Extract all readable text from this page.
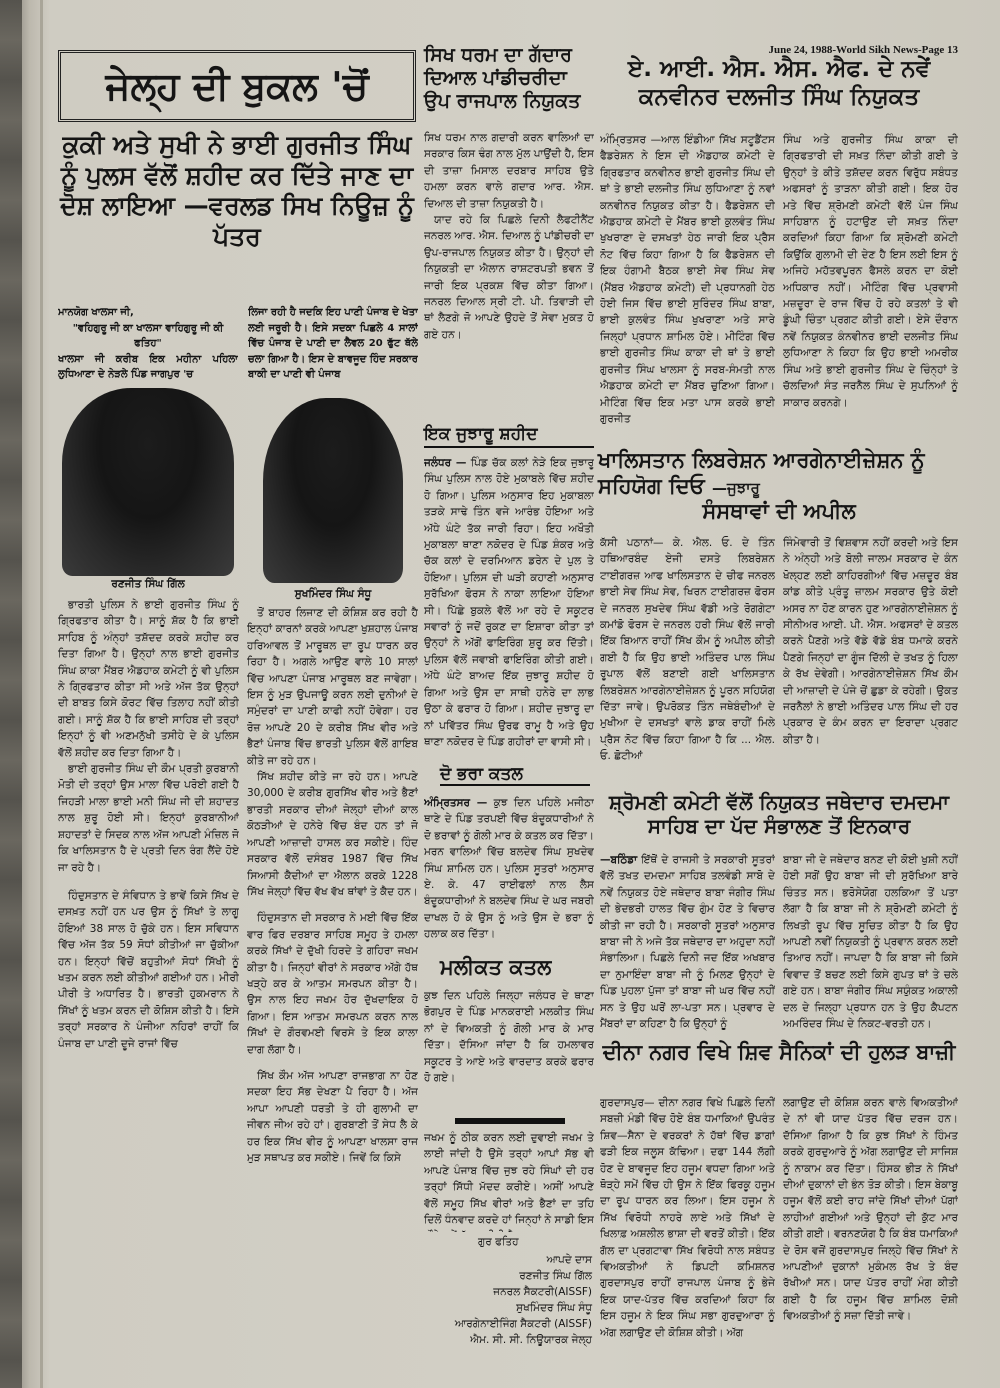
June 24, 1988-World Sikh News-Page 13
ਜੇਲ੍ਹ ਦੀ ਬੁਕਲ 'ਚੋਂ
ਕੁਕੀ ਅਤੇ ਸੁਖੀ ਨੇ ਭਾਈ ਗੁਰਜੀਤ ਸਿੰਘ ਨੂੰ ਪੁਲਸ ਵੱਲੋਂ ਸ਼ਹੀਦ ਕਰ ਦਿੱਤੇ ਜਾਣ ਦਾ ਦੋਸ਼ ਲਾਇਆ —ਵਰਲਡ ਸਿਖ ਨਿਊਜ਼ ਨੂੰ ਪੱਤਰ
ਮਾਨਯੋਗ ਖਾਲਸਾ ਜੀ,
"ਵਹਿਗੁਰੂ ਜੀ ਕਾ ਖਾਲਸਾ ਵਾਹਿਗੁਰੂ ਜੀ ਕੀ ਫਤਿਹ"
ਖਾਲਸਾ ਜੀ ਕਰੀਬ ਇਕ ਮਹੀਨਾ ਪਹਿਲਾ ਲੁਧਿਆਣਾ ਦੇ ਨੇੜਲੇ ਪਿੰਡ ਜਾਗਪੁਰ 'ਚ
ਲਿਜਾ ਰਹੀ ਹੈ ਜਦਕਿ ਇਹ ਪਾਣੀ ਪੰਜਾਬ ਦੇ ਖੇਤਾ ਲਈ ਜਰੂਰੀ ਹੈ। ਇਸੇ ਸਦਕਾ ਪਿਛਲੇ 4 ਸਾਲਾਂ ਵਿੱਚ ਪੰਜਾਬ ਦੇ ਪਾਣੀ ਦਾ ਲੈਵਲ 20 ਫੁੱਟ ਥੱਲੇ ਚਲਾ ਗਿਆ ਹੈ। ਇਸ ਦੇ ਬਾਵਜੂਦ ਹਿੰਦ ਸਰਕਾਰ ਬਾਕੀ ਦਾ ਪਾਣੀ ਵੀ ਪੰਜਾਬ
ਰਣਜੀਤ ਸਿੰਘ ਗਿੱਲ
ਸੁਖਮਿੰਦਰ ਸਿੰਘ ਸੰਧੂ

ਭਾਰਤੀ ਪੁਲਿਸ ਨੇ ਭਾਈ ਗੁਰਜੀਤ ਸਿੰਘ ਨੂੰ ਗ੍ਰਿਫਤਾਰ ਕੀਤਾ ਹੈ। ਸਾਨੂੰ ਸ਼ੱਕ ਹੈ ਕਿ ਭਾਈ ਸਾਹਿਬ ਨੂੰ ਅੰਨ੍ਹਾਂ ਤਸ਼ੱਦਦ ਕਰਕੇ ਸ਼ਹੀਦ ਕਰ ਦਿਤਾ ਗਿਆ ਹੈ। ਉਨ੍ਹਾਂ ਨਾਲ ਭਾਈ ਗੁਰਜੀਤ ਸਿੰਘ ਕਾਕਾ ਮੈਂਬਰ ਐਡਹਾਕ ਕਮੇਟੀ ਨੂੰ ਵੀ ਪੁਲਿਸ ਨੇ ਗ੍ਰਿਫਤਾਰ ਕੀਤਾ ਸੀ ਅਤੇ ਅੱਜ ਤੱਕ ਉਨ੍ਹਾਂ ਦੀ ਬਾਬਤ ਕਿਸੇ ਕੋਰਟ ਵਿੱਚ ਤਿਲਾਹ ਨਹੀਂ ਕੀਤੀ ਗਈ। ਸਾਨੂੰ ਸ਼ੱਕ ਹੈ ਕਿ ਭਾਈ ਸਾਹਿਬ ਦੀ ਤਰ੍ਹਾਂ ਇਨ੍ਹਾਂ ਨੂੰ ਵੀ ਅਣਮਨੁੱਖੀ ਤਸੀਹੇ ਦੇ ਕੇ ਪੁਲਿਸ ਵੱਲੋਂ ਸ਼ਹੀਦ ਕਰ ਦਿਤਾ ਗਿਆ ਹੈ।

ਭਾਈ ਗੁਰਜੀਤ ਸਿੰਘ ਦੀ ਕੌਮ ਪ੍ਰਤੀ ਕੁਰਬਾਨੀ ਮੋਤੀ ਦੀ ਤਰ੍ਹਾਂ ਉਸ ਮਾਲਾ ਵਿੱਚ ਪਰੋਈ ਗਈ ਹੈ ਜਿਹੜੀ ਮਾਲਾ ਭਾਈ ਮਨੀ ਸਿੰਘ ਜੀ ਦੀ ਸ਼ਹਾਦਤ ਨਾਲ ਸ਼ੁਰੂ ਹੋਈ ਸੀ। ਇਨ੍ਹਾਂ ਕੁਰਬਾਨੀਆਂ ਸ਼ਹਾਦਤਾਂ ਦੇ ਸਿਦਕ ਨਾਲ ਅੱਜ ਆਪਣੀ ਮੰਜ਼ਿਲ ਜੋ ਕਿ ਖਾਲਿਸਤਾਨ ਹੈ ਦੇ ਪ੍ਰਤੀ ਦਿਨ ਰੰਗ ਲੈਂਦੇ ਹੋਏ ਜਾ ਰਹੇ ਹੈ।

ਹਿੰਦੁਸਤਾਨ ਦੇ ਸੰਵਿਧਾਨ ਤੇ ਭਾਵੇਂ ਕਿਸੇ ਸਿੱਖ ਦੇ ਦਸਖ਼ਤ ਨਹੀਂ ਹਨ ਪਰ ਉਸ ਨੂੰ ਸਿੱਖਾਂ ਤੇ ਲਾਗੂ ਹੋਇਆਂ 38 ਸਾਲ ਹੋ ਚੁੱਕੇ ਹਨ। ਇਸ ਸਵਿਧਾਨ ਵਿੱਚ ਅੱਜ ਤੱਕ 59 ਸੋਧਾਂ ਕੀਤੀਆਂ ਜਾ ਚੁੱਕੀਆ ਹਨ। ਇਨ੍ਹਾਂ ਵਿੱਚੋਂ ਬਹੁਤੀਆਂ ਸੋਧਾਂ ਸਿੱਖੀ ਨੂੰ ਖਤਮ ਕਰਨ ਲਈ ਕੀਤੀਆਂ ਗਈਆਂ ਹਨ। ਮੀਰੀ ਪੀਰੀ ਤੇ ਅਧਾਰਿਤ ਹੈ। ਭਾਰਤੀ ਹੁਕਮਰਾਨ ਨੇ ਸਿੱਖਾਂ ਨੂੰ ਖਤਮ ਕਰਨ ਦੀ ਕੋਸ਼ਿਸ ਕੀਤੀ ਹੈ। ਇਸੇ ਤਰ੍ਹਾਂ ਸਰਕਾਰ ਨੇ ਪੰਜੀਆ ਨਹਿਰਾਂ ਰਾਹੀਂ ਕਿ ਪੰਜਾਬ ਦਾ ਪਾਣੀ ਦੂਜੇ ਰਾਜਾਂ ਵਿੱਚ

ਤੋਂ ਬਾਹਰ ਲਿਜਾਣ ਦੀ ਕੋਸ਼ਿਸ਼ ਕਰ ਰਹੀ ਹੈ ਇਨ੍ਹਾਂ ਕਾਰਨਾਂ ਕਰਕੇ ਆਪਣਾ ਖੁਸ਼ਹਾਲ ਪੰਜਾਬ ਹਰਿਆਵਲ ਤੋਂ ਮਾਰੂਥਲ ਦਾ ਰੂਪ ਧਾਰਨ ਕਰ ਰਿਹਾ ਹੈ। ਅਗਲੇ ਆਉਣ ਵਾਲੇ 10 ਸਾਲਾਂ ਵਿੱਚ ਆਪਣਾ ਪੰਜਾਬ ਮਾਰੂਥਲ ਬਣ ਜਾਵੇਗਾ। ਇਸ ਨੂੰ ਮੁੜ ਉਪਜਾਊ ਕਰਨ ਲਈ ਦੁਨੀਆਂ ਦੇ ਸਮੁੰਦਰਾਂ ਦਾ ਪਾਣੀ ਕਾਫੀ ਨਹੀਂ ਹੋਵੇਗਾ। ਹਰ ਰੋਜ਼ ਆਪਣੇ 20 ਦੇ ਕਰੀਬ ਸਿੱਖ ਵੀਰ ਅਤੇ ਭੈਣਾਂ ਪੰਜਾਬ ਵਿੱਚ ਭਾਰਤੀ ਪੁਲਿਸ ਵੱਲੋਂ ਗਾਇਬ ਕੀਤੇ ਜਾ ਰਹੇ ਹਨ।

ਸਿੱਖ ਸ਼ਹੀਦ ਕੀਤੇ ਜਾ ਰਹੇ ਹਨ। ਆਪਣੇ 30,000 ਦੇ ਕਰੀਬ ਗੁਰਸਿੱਖ ਵੀਰ ਅਤੇ ਭੈਣਾਂ ਭਾਰਤੀ ਸਰਕਾਰ ਦੀਆਂ ਜੇਲ੍ਹਾਂ ਦੀਆਂ ਕਾਲ ਕੋਠੜੀਆਂ ਦੇ ਹਨੇਰੇ ਵਿੱਚ ਬੰਦ ਹਨ ਤਾਂ ਜੋ ਆਪਣੀ ਆਜ਼ਾਦੀ ਹਾਸਲ ਕਰ ਸਕੀਏ। ਹਿੰਦ ਸਰਕਾਰ ਵੱਲੋਂ ਦਸੰਬਰ 1987 ਵਿੱਚ ਸਿੱਖ ਸਿਆਸੀ ਕੈਦੀਆਂ ਦਾ ਐਲਾਨ ਕਰਕੇ 1228 ਸਿੱਖ ਜੇਲ੍ਹਾਂ ਵਿੱਚ ਵੱਖ ਵੱਖ ਥਾਂਵਾਂ ਤੇ ਕੈਦ ਹਨ।

ਹਿੰਦੁਸਤਾਨ ਦੀ ਸਰਕਾਰ ਨੇ ਮਈ ਵਿੱਚ ਇੱਕ ਵਾਰ ਫਿਰ ਦਰਬਾਰ ਸਾਹਿਬ ਸਮੂਹ ਤੇ ਹਮਲਾ ਕਰਕੇ ਸਿੱਖਾਂ ਦੇ ਦੁੱਖੀ ਹਿਰਦੇ ਤੇ ਗਹਿਰਾ ਜਖਮ ਕੀਤਾ ਹੈ। ਜਿਨ੍ਹਾਂ ਵੀਰਾਂ ਨੇ ਸਰਕਾਰ ਅੱਗੇ ਹੱਥ ਖੜ੍ਹੇ ਕਰ ਕੇ ਆਤਮ ਸਮਰਪਨ ਕੀਤਾ ਹੈ। ਉਸ ਨਾਲ ਇਹ ਜਖਮ ਹੋਰ ਦੁੱਖਦਾਇਕ ਹੋ ਗਿਆ। ਇਸ ਆਤਮ ਸਮਰਪਨ ਕਰਨ ਨਾਲ ਸਿੱਖਾਂ ਦੇ ਗੌਰਵਮਈ ਵਿਰਸੇ ਤੇ ਇਕ ਕਾਲਾ ਦਾਗ ਲੱਗਾ ਹੈ।

ਸਿੱਖ ਕੌਮ ਅੱਜ ਆਪਣਾ ਰਾਜਭਾਗ ਨਾ ਹੋਣ ਸਦਕਾ ਇਹ ਸੱਭ ਦੇਖਣਾ ਪੈ ਰਿਹਾ ਹੈ। ਅੱਜ ਆਪਾ ਆਪਣੀ ਧਰਤੀ ਤੇ ਹੀ ਗੁਲਾਮੀ ਦਾ ਜੀਵਨ ਜੀਅ ਰਹੇ ਹਾਂ। ਗੁਰਬਾਣੀ ਤੋਂ ਸੇਧ ਲੈ ਕੇ ਹਰ ਇਕ ਸਿੱਖ ਵੀਰ ਨੂੰ ਆਪਣਾ ਖਾਲਸਾ ਰਾਜ ਮੁੜ ਸਥਾਪਤ ਕਰ ਸਕੀਏ। ਜਿਵੇਂ ਕਿ ਕਿਸੇ

ਸਿਖ ਧਰਮ ਦਾ ਗੱਦਾਰ ਦਿਆਲ ਪਾਂਡੀਚਰੀਦਾ ਉਪ ਰਾਜਪਾਲ ਨਿਯੁਕਤ

ਸਿਖ ਧਰਮ ਨਾਲ ਗਦਾਰੀ ਕਰਨ ਵਾਲਿਆਂ ਦਾ ਸਰਕਾਰ ਕਿਸ ਢੰਗ ਨਾਲ ਮੁੱਲ ਪਾਉਂਦੀ ਹੈ, ਇਸ ਦੀ ਤਾਜ਼ਾ ਮਿਸਾਲ ਦਰਬਾਰ ਸਾਹਿਬ ਉਤੇ ਹਮਲਾ ਕਰਨ ਵਾਲੇ ਗਦਾਰ ਆਰ. ਐਸ. ਦਿਆਲ ਦੀ ਤਾਜ਼ਾ ਨਿਯੁਕਤੀ ਹੈ।

ਯਾਦ ਰਹੇ ਕਿ ਪਿਛਲੇ ਦਿਨੀ ਲੈਫਟੀਨੈਂਟ ਜਨਰਲ ਆਰ. ਐਸ. ਦਿਆਲ ਨੂੰ ਪਾਂਡੀਚਰੀ ਦਾ ਉਪ-ਰਾਜਪਾਲ ਨਿਯੁਕਤ ਕੀਤਾ ਹੈ। ਉਨ੍ਹਾਂ ਦੀ ਨਿਯੁਕਤੀ ਦਾ ਐਲਾਨ ਰਾਸ਼ਟਰਪਤੀ ਭਵਨ ਤੋਂ ਜਾਰੀ ਇਕ ਪ੍ਰਕਸ਼ ਵਿੱਚ ਕੀਤਾ ਗਿਆ। ਜਨਰਲ ਦਿਆਲ ਸ੍ਰੀ ਟੀ. ਪੀ. ਤਿਵਾੜੀ ਦੀ ਥਾਂ ਲੈਣਗੇ ਜੋ ਆਪਣੇ ਉਹਦੇ ਤੋਂ ਸੇਵਾ ਮੁਕਤ ਹੋ ਗਏ ਹਨ।

ਇਕ ਜੁਝਾਰੂ ਸ਼ਹੀਦ
ਜਲੰਧਰ — ਪਿੰਡ ਚੱਕ ਕਲਾਂ ਨੇੜੇ ਇਕ ਜੁਝਾਰੂ ਸਿੰਘ ਪੁਲਿਸ ਨਾਲ ਹੋਏ ਮੁਕਾਬਲੇ ਵਿੱਚ ਸ਼ਹੀਦ ਹੋ ਗਿਆ। ਪੁਲਿਸ ਅਨੁਸਾਰ ਇਹ ਮੁਕਾਬਲਾ ਤੜਕੇ ਸਾਢੇ ਤਿੰਨ ਵਜੇ ਆਰੰਭ ਹੋਇਆ ਅਤੇ ਅੱਧੇ ਘੰਟੇ ਤੱਕ ਜਾਰੀ ਰਿਹਾ। ਇਹ ਅਖੌਤੀ ਮੁਕਾਬਲਾ ਥਾਣਾ ਨਕੋਦਰ ਦੇ ਪਿੰਡ ਸ਼ੰਕਰ ਅਤੇ ਚੱਕ ਕਲਾਂ ਦੇ ਦਰਮਿਆਨ ਡਰੇਨ ਦੇ ਪੁਲ ਤੇ ਹੋਇਆ। ਪੁਲਿਸ ਦੀ ਘੜੀ ਕਹਾਣੀ ਅਨੁਸਾਰ ਸੁਰੱਖਿਆ ਫੋਰਸ ਨੇ ਨਾਕਾ ਲਾਇਆ ਹੋਇਆ ਸੀ। ਪਿੱਛੇ ਬੁਕਲੇ ਵੱਲੋਂ ਆ ਰਹੇ ਦੋ ਸਕੂਟਰ ਸਵਾਰਾਂ ਨੂੰ ਜਦੋਂ ਰੁਕਣ ਦਾ ਇਸ਼ਾਰਾ ਕੀਤਾ ਤਾਂ ਉਨ੍ਹਾਂ ਨੇ ਅੱਗੋਂ ਫਾਇਰਿੰਗ ਸ਼ੁਰੂ ਕਰ ਦਿੱਤੀ। ਪੁਲਿਸ ਵੱਲੋਂ ਜਵਾਬੀ ਫਾਇਰਿੰਗ ਕੀਤੀ ਗਈ। ਅੱਧੇ ਘੰਟੇ ਬਾਅਦ ਇੱਕ ਜੁਝਾਰੂ ਸ਼ਹੀਦ ਹੋ ਗਿਆ ਅਤੇ ਉਸ ਦਾ ਸਾਥੀ ਹਨੇਰੇ ਦਾ ਲਾਭ ਉਠਾ ਕੇ ਫਰਾਰ ਹੋ ਗਿਆ। ਸ਼ਹੀਦ ਜੁਝਾਰੂ ਦਾ ਨਾਂ ਪਵਿੱਤਰ ਸਿੰਘ ਉਰਫ ਰਾਮੂ ਹੈ ਅਤੇ ਉਹ ਥਾਣਾ ਨਕੋਦਰ ਦੇ ਪਿੰਡ ਗਹੀਰਾਂ ਦਾ ਵਾਸੀ ਸੀ।
ਦੋ ਭਰਾ ਕਤਲ
ਅੰਮ੍ਰਿਤਸਰ — ਕੁਝ ਦਿਨ ਪਹਿਲੇ ਮਜੀਠਾ ਥਾਣੇ ਦੇ ਪਿੰਡ ਤਰਪਈ ਵਿੱਚ ਬੰਦੂਕਧਾਰੀਆਂ ਨੇ ਦੋ ਭਰਾਵਾਂ ਨੂੰ ਗੋਲੀ ਮਾਰ ਕੇ ਕਤਲ ਕਰ ਦਿੱਤਾ। ਮਰਨ ਵਾਲਿਆਂ ਵਿੱਚ ਬਲਦੇਵ ਸਿੰਘ ਸੁਖਦੇਵ ਸਿੰਘ ਸ਼ਾਮਿਲ ਹਨ। ਪੁਲਿਸ ਸੂਤਰਾਂ ਅਨੁਸਾਰ ਏ. ਕੇ. 47 ਰਾਈਫਲਾਂ ਨਾਲ ਲੈਸ ਬੰਦੂਕਧਾਰੀਆਂ ਨੇ ਬਲਦੇਵ ਸਿੰਘ ਦੇ ਘਰ ਜਬਰੀ ਦਾਖਲ ਹੋ ਕੇ ਉਸ ਨੂੰ ਅਤੇ ਉਸ ਦੇ ਭਰਾ ਨੂੰ ਹਲਾਕ ਕਰ ਦਿੱਤਾ।
ਮਲੀਕਤ ਕਤਲ
ਕੁਝ ਦਿਨ ਪਹਿਲੇ ਜਿਲ੍ਹਾ ਜਲੰਧਰ ਦੇ ਥਾਣਾ ਭੋਗਪੁਰ ਦੇ ਪਿੰਡ ਮਾਨਕਰਾਈ ਮਲਕੀਤ ਸਿੰਘ ਨਾਂ ਦੇ ਵਿਅਕਤੀ ਨੂੰ ਗੋਲੀ ਮਾਰ ਕੇ ਮਾਰ ਦਿੱਤਾ। ਦੱਸਿਆ ਜਾਂਦਾ ਹੈ ਕਿ ਹਮਲਾਵਰ ਸਕੂਟਰ ਤੇ ਆਏ ਅਤੇ ਵਾਰਦਾਤ ਕਰਕੇ ਫਰਾਰ ਹੋ ਗਏ।
ਜਖਮ ਨੂੰ ਠੀਕ ਕਰਨ ਲਈ ਦੁਵਾਈ ਜਖਮ ਤੇ ਲਾਈ ਜਾਂਦੀ ਹੈ ਉਸੇ ਤਰ੍ਹਾਂ ਆਪਾਂ ਸੱਭ ਵੀ ਆਪਣੇ ਪੰਜਾਬ ਵਿੱਚ ਜੁਝ ਰਹੇ ਸਿੰਘਾਂ ਦੀ ਹਰ ਤਰ੍ਹਾਂ ਸਿੱਧੀ ਮੱਦਦ ਕਰੀਏ। ਅਸੀਂ ਆਪਣੇ ਵੱਲੋਂ ਸਮੂਹ ਸਿੱਖ ਵੀਰਾਂ ਅਤੇ ਭੈਣਾਂ ਦਾ ਤਹਿ ਦਿਲੋਂ ਧੰਨਵਾਦ ਕਰਦੇ ਹਾਂ ਜਿਨ੍ਹਾਂ ਨੇ ਸਾਡੀ ਇਸ
ਗੁਰ ਫਤਿਹ
ਆਪਦੇ ਦਾਸ
ਰਣਜੀਤ ਸਿੰਘ ਗਿੱਲ
ਜਨਰਲ ਸੈਕਟਰੀ(AISSF)
ਸੁਖਮਿੰਦਰ ਸਿੰਘ ਸੰਧੂ
ਆਰਗੇਨਾਈਜਿੰਗ ਸੈਕਟਰੀ (AISSF)
ਐਮ. ਸੀ. ਸੀ. ਨਿਊਯਾਰਕ ਜੇਲ੍ਹ
ਏ. ਆਈ. ਐਸ. ਐਸ. ਐਫ. ਦੇ ਨਵੇਂ ਕਨਵੀਨਰ ਦਲਜੀਤ ਸਿੰਘ ਨਿਯੁਕਤ
ਅੰਮ੍ਰਿਤਸਰ —ਆਲ ਇੰਡੀਆ ਸਿੱਖ ਸਟੂਡੈਂਟਸ ਫੈਡਰੇਸ਼ਨ ਨੇ ਇਸ ਦੀ ਐਡਹਾਕ ਕਮੇਟੀ ਦੇ ਗ੍ਰਿਫਤਾਰ ਕਨਵੀਨਰ ਭਾਈ ਗੁਰਜੀਤ ਸਿੰਘ ਦੀ ਥਾਂ ਤੇ ਭਾਈ ਦਲਜੀਤ ਸਿੰਘ ਲੁਧਿਆਣਾ ਨੂੰ ਨਵਾਂ ਕਨਵੀਨਰ ਨਿਯੁਕਤ ਕੀਤਾ ਹੈ। ਫੈਡਰੇਸ਼ਨ ਦੀ ਐਡਹਾਕ ਕਮੇਟੀ ਦੇ ਮੈਂਬਰ ਭਾਈ ਕੁਲਵੰਤ ਸਿੰਘ ਖੁਖਰਾਣਾ ਦੇ ਦਸਖਤਾਂ ਹੇਠ ਜਾਰੀ ਇਕ ਪ੍ਰੈਸ ਨੋਟ ਵਿੱਚ ਕਿਹਾ ਗਿਆ ਹੈ ਕਿ ਫੈਡਰੇਸ਼ਨ ਦੀ ਇਕ ਹੰਗਾਮੀ ਬੈਠਕ ਭਾਈ ਸੇਵ ਸਿੰਘ ਸੇਵ (ਮੈਂਬਰ ਐਡਹਾਕ ਕਮੇਟੀ) ਦੀ ਪ੍ਰਧਾਨਗੀ ਹੇਠ ਹੋਈ ਜਿਸ ਵਿੱਚ ਭਾਈ ਸੁਰਿੰਦਰ ਸਿੰਘ ਬਾਬਾ, ਭਾਈ ਕੁਲਵੰਤ ਸਿੰਘ ਖੁਖਰਾਣਾ ਅਤੇ ਸਾਰੇ ਜਿਲ੍ਹਾਂ ਪ੍ਰਧਾਨ ਸ਼ਾਮਿਲ ਹੋਏ। ਮੀਟਿੰਗ ਵਿੱਚ ਭਾਈ ਗੁਰਜੀਤ ਸਿੰਘ ਕਾਕਾ ਦੀ ਥਾਂ ਤੇ ਭਾਈ ਗੁਰਜੀਤ ਸਿੰਘ ਖਾਲਸਾ ਨੂੰ ਸਰਬ-ਸੰਮਤੀ ਨਾਲ ਐਡਹਾਕ ਕਮੇਟੀ ਦਾ ਮੈਂਬਰ ਚੁਣਿਆ ਗਿਆ। ਮੀਟਿੰਗ ਵਿੱਚ ਇਕ ਮਤਾ ਪਾਸ ਕਰਕੇ ਭਾਈ ਗੁਰਜੀਤ
ਸਿੰਘ ਅਤੇ ਗੁਰਜੀਤ ਸਿੰਘ ਕਾਕਾ ਦੀ ਗ੍ਰਿਫਤਾਰੀ ਦੀ ਸਖ਼ਤ ਨਿੰਦਾ ਕੀਤੀ ਗਈ ਤੇ ਉਨ੍ਹਾਂ ਤੇ ਕੀਤੇ ਤਸ਼ੱਦਦ ਕਰਨ ਵਿਰੁੱਧ ਸਬੰਧਤ ਅਫਸਰਾਂ ਨੂੰ ਤਾੜਨਾ ਕੀਤੀ ਗਈ। ਇਕ ਹੋਰ ਮਤੇ ਵਿੱਚ ਸ਼੍ਰੋਮਣੀ ਕਮੇਟੀ ਵੱਲੋਂ ਪੰਜ ਸਿੰਘ ਸਾਹਿਬਾਨ ਨੂੰ ਹਟਾਉਣ ਦੀ ਸਖ਼ਤ ਨਿੰਦਾ ਕਰਦਿਆਂ ਕਿਹਾ ਗਿਆ ਕਿ ਸ਼੍ਰੋਮਣੀ ਕਮੇਟੀ ਕਿਉਂਕਿ ਗੁਲਾਮੀ ਦੀ ਦੇਣ ਹੈ ਇਸ ਲਈ ਇਸ ਨੂੰ ਅਜਿਹੇ ਮਹੱਤਵਪੂਰਨ ਫੈਸਲੇ ਕਰਨ ਦਾ ਕੋਈ ਅਧਿਕਾਰ ਨਹੀਂ। ਮੀਟਿੰਗ ਵਿੱਚ ਪ੍ਰਵਾਸੀ ਮਜ਼ਦੂਰਾ ਦੇ ਰਾਜ ਵਿੱਚ ਹੋ ਰਹੇ ਕਤਲਾਂ ਤੇ ਵੀ ਡੂੰਘੀ ਚਿੰਤਾ ਪ੍ਰਗਟ ਕੀਤੀ ਗਈ। ਏਸੇ ਦੌਰਾਨ ਨਵੇਂ ਨਿਯੁਕਤ ਕੰਨਵੀਨਰ ਭਾਈ ਦਲਜੀਤ ਸਿੰਘ ਲੁਧਿਆਣਾ ਨੇ ਕਿਹਾ ਕਿ ਉਹ ਭਾਈ ਅਮਰੀਕ ਸਿੰਘ ਅਤੇ ਭਾਈ ਗੁਰਜੀਤ ਸਿੰਘ ਦੇ ਚਿੰਨ੍ਹਾਂ ਤੇ ਚੱਲਦਿਆਂ ਸੰਤ ਜਰਨੈਲ ਸਿੰਘ ਦੇ ਸੁਪਨਿਆਂ ਨੂੰ ਸਾਕਾਰ ਕਰਨਗੇ।
ਖਾਲਿਸਤਾਨ ਲਿਬਰੇਸ਼ਨ ਆਰਗੇਨਾਈਜ਼ੇਸ਼ਨ ਨੂੰ ਸਹਿਯੋਗ ਦਿਓ —ਜੁਝਾਰੂ
ਸੰਸਥਾਵਾਂ ਦੀ ਅਪੀਲ
ਕੱਸੀ ਪਠਾਨਾਂ— ਕੇ. ਐਲ. ਓ. ਦੇ ਤਿੰਨ ਹਥਿਆਰਬੰਦ ਏਜੀ ਦਸਤੇ ਲਿਬਰੇਸ਼ਨ ਟਾਈਗਰਜ਼ ਆਫ ਖਾਲਿਸਤਾਨ ਦੇ ਚੀਫ ਜਨਰਲ ਭਾਈ ਸੇਵ ਸਿੰਘ ਸੇਵ, ਖਿਰਨ ਟਾਈਗਰਜ਼ ਫੋਰਸ ਦੇ ਜਨਰਲ ਸੁਖਦੇਵ ਸਿੰਘ ਵੱਡੀ ਅਤੇ ਰੋਗਗੇਟਾ ਕਮਾਂਡੋ ਫੋਰਸ ਦੇ ਜਨਰਲ ਹਰੀ ਸਿੰਘ ਵੱਲੋਂ ਜਾਰੀ ਇੱਕ ਬਿਆਨ ਰਾਹੀਂ ਸਿੱਖ ਕੌਮ ਨੂੰ ਅਪੀਲ ਕੀਤੀ ਗਈ ਹੈ ਕਿ ਉਹ ਭਾਈ ਅਤਿੰਦਰ ਪਾਲ ਸਿੰਘ ਰੂਪਾਲ ਵੱਲੋਂ ਬਣਾਈ ਗਈ ਖਾਲਿਸਤਾਨ ਲਿਬਰੇਸ਼ਨ ਆਰਗੇਨਾਈਜ਼ੇਸ਼ਨ ਨੂੰ ਪੂਰਨ ਸਹਿਯੋਗ ਦਿੱਤਾ ਜਾਵੇ। ਉਪਰੋਕਤ ਤਿੰਨ ਜਥੇਬੰਦੀਆਂ ਦੇ ਮੁਖੀਆ ਦੇ ਦਸਖਤਾਂ ਵਾਲੇ ਡਾਕ ਰਾਹੀਂ ਮਿਲੇ ਪ੍ਰੈਸ ਨੋਟ ਵਿੱਚ ਕਿਹਾ ਗਿਆ ਹੈ ਕਿ ... ਐਲ. ਓ. ਛੋਟੀਆਂ
ਜਿੰਮੇਵਾਰੀ ਤੋਂ ਵਿਸ਼ਵਾਸ ਨਹੀਂ ਕਰਦੀ ਅਤੇ ਇਸ ਨੇ ਅੰਨ੍ਹੀ ਅਤੇ ਬੋਲੀ ਜਾਲਮ ਸਰਕਾਰ ਦੇ ਕੰਨ ਖੋਲ੍ਹਣ ਲਈ ਕਾਹਿਰਗੀਆਂ ਵਿੱਚ ਮਜ਼ਦੂਰ ਬੰਬ ਕਾਂਡ ਕੀਤੇ ਪ੍ਰੰਤੂ ਜ਼ਾਲਮ ਸਰਕਾਰ ਉਤੇ ਕੋਈ ਅਸਰ ਨਾ ਹੋਣ ਕਾਰਨ ਹੁਣ ਆਰਗੇਨਾਈਜ਼ੇਸ਼ਨ ਨੂੰ ਸੀਨੀਅਰ ਆਈ. ਪੀ. ਐਸ. ਅਫਸਰਾਂ ਦੇ ਕਤਲ ਕਰਨੇ ਪੈਣਗੇ ਅਤੇ ਵੱਡੇ ਵੱਡੇ ਬੰਬ ਧਮਾਕੇ ਕਰਨੇ ਪੈਣਗੇ ਜਿਨ੍ਹਾਂ ਦਾ ਗੂੰਜ ਦਿੱਲੀ ਦੇ ਤਖਤ ਨੂੰ ਹਿਲਾ ਕੇ ਰੱਖ ਦੇਵੇਗੀ। ਆਰਗੇਨਾਈਜ਼ੇਸ਼ਨ ਸਿੱਖ ਕੌਮ ਦੀ ਆਜ਼ਾਦੀ ਦੇ ਪੰਜੇ ਚੋਂ ਛੁਡਾ ਕੇ ਰਹੇਗੀ। ਉਕਤ ਜਰਨੈਲਾਂ ਨੇ ਭਾਈ ਅਤਿੰਦਰ ਪਾਲ ਸਿੰਘ ਦੀ ਹਰ ਪ੍ਰਕਾਰ ਦੇ ਕੰਮ ਕਰਨ ਦਾ ਇਰਾਦਾ ਪ੍ਰਗਟ ਕੀਤਾ ਹੈ।
ਸ਼੍ਰੋਮਣੀ ਕਮੇਟੀ ਵੱਲੋਂ ਨਿਯੁਕਤ ਜਥੇਦਾਰ ਦਮਦਮਾ ਸਾਹਿਬ ਦਾ ਪੱਦ ਸੰਭਾਲਣ ਤੋਂ ਇਨਕਾਰ
—ਬਠਿੰਡਾ ਇੱਥੋਂ ਦੇ ਰਾਜਸੀ ਤੇ ਸਰਕਾਰੀ ਸੂਤਰਾਂ ਵੱਲੋਂ ਤਖਤ ਦਮਦਮਾ ਸਾਹਿਬ ਤਲਵੰਡੀ ਸਾਬੋ ਦੇ ਨਵੇਂ ਨਿਯੁਕਤ ਹੋਏ ਜਥੇਦਾਰ ਬਾਬਾ ਜੰਗੀਰ ਸਿੰਘ ਦੀ ਭੇਦਭਰੀ ਹਾਲਤ ਵਿੱਚ ਗੁੰਮ ਹੋਣ ਤੇ ਵਿਚਾਰ ਕੀਤੀ ਜਾ ਰਹੀ ਹੈ। ਸਰਕਾਰੀ ਸੂਤਰਾਂ ਅਨੁਸਾਰ ਬਾਬਾ ਜੀ ਨੇ ਅਜੇ ਤੱਕ ਜਥੇਦਾਰ ਦਾ ਅਹੁਦਾ ਨਹੀਂ ਸੰਭਾਲਿਆ। ਪਿਛਲੇ ਦਿਨੀ ਜਦ ਇੱਕ ਅਖਬਾਰ ਦਾ ਨੁਮਾਇੰਦਾ ਬਾਬਾ ਜੀ ਨੂੰ ਮਿਲਣ ਉਨ੍ਹਾਂ ਦੇ ਪਿੰਡ ਪੁਹਲਾ ਪੁੱਜਾ ਤਾਂ ਬਾਬਾ ਜੀ ਘਰ ਵਿੱਚ ਨਹੀਂ ਸਨ ਤੇ ਉਹ ਘਰੋਂ ਲਾ-ਪਤਾ ਸਨ। ਪ੍ਰਵਾਰ ਦੇ ਮੈਂਬਰਾਂ ਦਾ ਕਹਿਣਾ ਹੈ ਕਿ ਉਨ੍ਹਾਂ ਨੂੰ
ਬਾਬਾ ਜੀ ਦੇ ਜਥੇਦਾਰ ਬਨਣ ਦੀ ਕੋਈ ਖੁਸ਼ੀ ਨਹੀਂ ਹੋਈ ਸਗੋਂ ਉਹ ਬਾਬਾ ਜੀ ਦੀ ਸੁਰੱਖਿਆ ਬਾਰੇ ਚਿੰਤਤ ਸਨ। ਭਰੋਸੇਯੋਗ ਹਲਕਿਆ ਤੋਂ ਪਤਾ ਲੱਗਾ ਹੈ ਕਿ ਬਾਬਾ ਜੀ ਨੇ ਸ਼੍ਰੋਮਣੀ ਕਮੇਟੀ ਨੂੰ ਲਿਖਤੀ ਰੂਪ ਵਿੱਚ ਸੂਚਿਤ ਕੀਤਾ ਹੈ ਕਿ ਉਹ ਆਪਣੀ ਨਵੀਂ ਨਿਯੁਕਤੀ ਨੂੰ ਪ੍ਰਵਾਨ ਕਰਨ ਲਈ ਤਿਆਰ ਨਹੀਂ। ਜਾਪਦਾ ਹੈ ਕਿ ਬਾਬਾ ਜੀ ਕਿਸੇ ਵਿਵਾਦ ਤੋਂ ਬਚਣ ਲਈ ਕਿਸੇ ਗੁਪਤ ਥਾਂ ਤੇ ਚਲੇ ਗਏ ਹਨ। ਬਾਬਾ ਜੰਗੀਰ ਸਿੰਘ ਸਯੁੰਕਤ ਅਕਾਲੀ ਦਲ ਦੇ ਜਿਲ੍ਹਾ ਪ੍ਰਧਾਨ ਹਨ ਤੇ ਉਹ ਕੈਪਟਨ ਅਮਰਿੰਦਰ ਸਿੰਘ ਦੇ ਨਿਕਟ-ਵਰਤੀ ਹਨ।
ਦੀਨਾ ਨਗਰ ਵਿਖੇ ਸ਼ਿਵ ਸੈਨਿਕਾਂ ਦੀ ਹੁਲੜ ਬਾਜ਼ੀ
ਗੁਰਦਾਸਪੁਰ— ਦੀਨਾ ਨਗਰ ਵਿਖੇ ਪਿਛਲੇ ਦਿਨੀਂ ਸਬਜ਼ੀ ਮੰਡੀ ਵਿੱਚ ਹੋਏ ਬੰਬ ਧਮਾਕਿਆਂ ਉਪਰੰਤ ਸ਼ਿਵ—ਸੈਨਾ ਦੇ ਵਰਕਰਾਂ ਨੇ ਹੱਥਾਂ ਵਿੱਚ ਡਾਗਾਂ ਫੜੀ ਇਕ ਜਲੂਸ ਕੱਢਿਆ। ਦਫਾ 144 ਲੱਗੀ ਹੋਣ ਦੇ ਬਾਵਜੂਦ ਇਹ ਹਜੂਮ ਵਧਦਾ ਗਿਆ ਅਤੇ ਥੋੜ੍ਹੇ ਸਮੇਂ ਵਿੱਚ ਹੀ ਉਸ ਨੇ ਇੱਕ ਫਿਰਕੂ ਹਜੂਮ ਦਾ ਰੂਪ ਧਾਰਨ ਕਰ ਲਿਆ। ਇਸ ਹਜੂਮ ਨੇ ਸਿੱਖ ਵਿਰੋਧੀ ਨਾਹਰੇ ਲਾਏ ਅਤੇ ਸਿੱਖਾਂ ਦੇ ਖਿਲਾਫ਼ ਅਸ਼ਲੀਲ ਭਾਸ਼ਾ ਦੀ ਵਰਤੋਂ ਕੀਤੀ। ਇੱਕ ਗੱਲ ਦਾ ਪ੍ਰਗਟਾਵਾ ਸਿੱਖ ਵਿਰੋਧੀ ਨਾਲ ਸਬੰਧਤ ਵਿਅਕਤੀਆਂ ਨੇ ਡਿਪਟੀ ਕਮਿਸ਼ਨਰ ਗੁਰਦਾਸਪੁਰ ਰਾਹੀਂ ਰਾਜਪਾਲ ਪੰਜਾਬ ਨੂੰ ਭੇਜੇ ਇਕ ਯਾਦ-ਪੱਤਰ ਵਿੱਚ ਕਰਦਿਆਂ ਕਿਹਾ ਕਿ ਇਸ ਹਜੂਮ ਨੇ ਇਕ ਸਿੰਘ ਸਭਾ ਗੁਰਦੁਆਰਾ ਨੂੰ ਅੱਗ ਲਗਾਉਣ ਦੀ ਕੋਸ਼ਿਸ਼ ਕੀਤੀ। ਅੱਗ
ਲਗਾਉਣ ਦੀ ਕੋਸ਼ਿਸ਼ ਕਰਨ ਵਾਲੇ ਵਿਅਕਤੀਆਂ ਦੇ ਨਾਂ ਵੀ ਯਾਦ ਪੱਤਰ ਵਿੱਚ ਦਰਜ ਹਨ। ਦੱਸਿਆ ਗਿਆ ਹੈ ਕਿ ਕੁਝ ਸਿੱਖਾਂ ਨੇ ਹਿੰਮਤ ਕਰਕੇ ਗੁਰਦੁਆਰੇ ਨੂੰ ਅੱਗ ਲਗਾਉਣ ਦੀ ਸਾਜਿਸ਼ ਨੂੰ ਨਾਕਾਮ ਕਰ ਦਿੱਤਾ। ਹਿੰਸਕ ਭੀੜ ਨੇ ਸਿੱਖਾਂ ਦੀਆਂ ਦੁਕਾਨਾਂ ਦੀ ਭੰਨ ਤੋੜ ਕੀਤੀ। ਇਸ ਬੇਕਾਬੂ ਹਜੂਮ ਵੱਲੋਂ ਕਈ ਰਾਹ ਜਾਂਦੇ ਸਿੱਖਾਂ ਦੀਆਂ ਪੱਗਾਂ ਲਾਹੀਆਂ ਗਈਆਂ ਅਤੇ ਉਨ੍ਹਾਂ ਦੀ ਕੁੱਟ ਮਾਰ ਕੀਤੀ ਗਈ। ਵਰਨਣਯੋਗ ਹੈ ਕਿ ਬੰਬ ਧਮਾਕਿਆਂ ਦੇ ਰੋਸ ਵਜੋਂ ਗੁਰਦਾਸਪੁਰ ਜਿਲ੍ਹੇ ਵਿੱਚ ਸਿੱਖਾਂ ਨੇ ਆਪਣੀਆਂ ਦੁਕਾਨਾਂ ਮੁਕੰਮਲ ਰੱਖ ਤੇ ਬੰਦ ਰੱਖੀਆਂ ਸਨ। ਯਾਦ ਪੱਤਰ ਰਾਹੀਂ ਮੰਗ ਕੀਤੀ ਗਈ ਹੈ ਕਿ ਹਜੂਮ ਵਿੱਚ ਸ਼ਾਮਿਲ ਦੋਸ਼ੀ ਵਿਅਕਤੀਆਂ ਨੂੰ ਸਜ਼ਾ ਦਿੱਤੀ ਜਾਵੇ।
